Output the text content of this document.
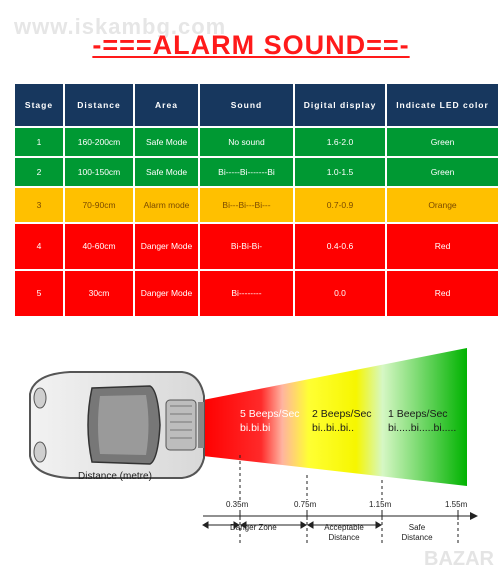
www.iskambg.com
-===ALARM SOUND==-
Stage	Distance	Area	Sound	Digital display	Indicate LED color
1	160-200cm	Safe Mode	No sound	1.6-2.0	Green
2	100-150cm	Safe Mode	Bi-----Bi-------Bi	1.0-1.5	Green
3	70-90cm	Alarm mode	Bi---Bi---Bi---	0.7-0.9	Orange
4	40-60cm	Danger Mode	Bi-Bi-Bi-	0.4-0.6	Red
5	30cm	Danger Mode	Bi--------	0.0	Red
5 Beeps/Sec
bi.bi.bi
2 Beeps/Sec
bi..bi..bi..
1 Beeps/Sec
bi.....bi.....bi.....
Distance (metre)
0.35m	0.75m	1.15m	1.55m
Danger Zone	Acceptable Distance
Safe Distance
BAZAR
